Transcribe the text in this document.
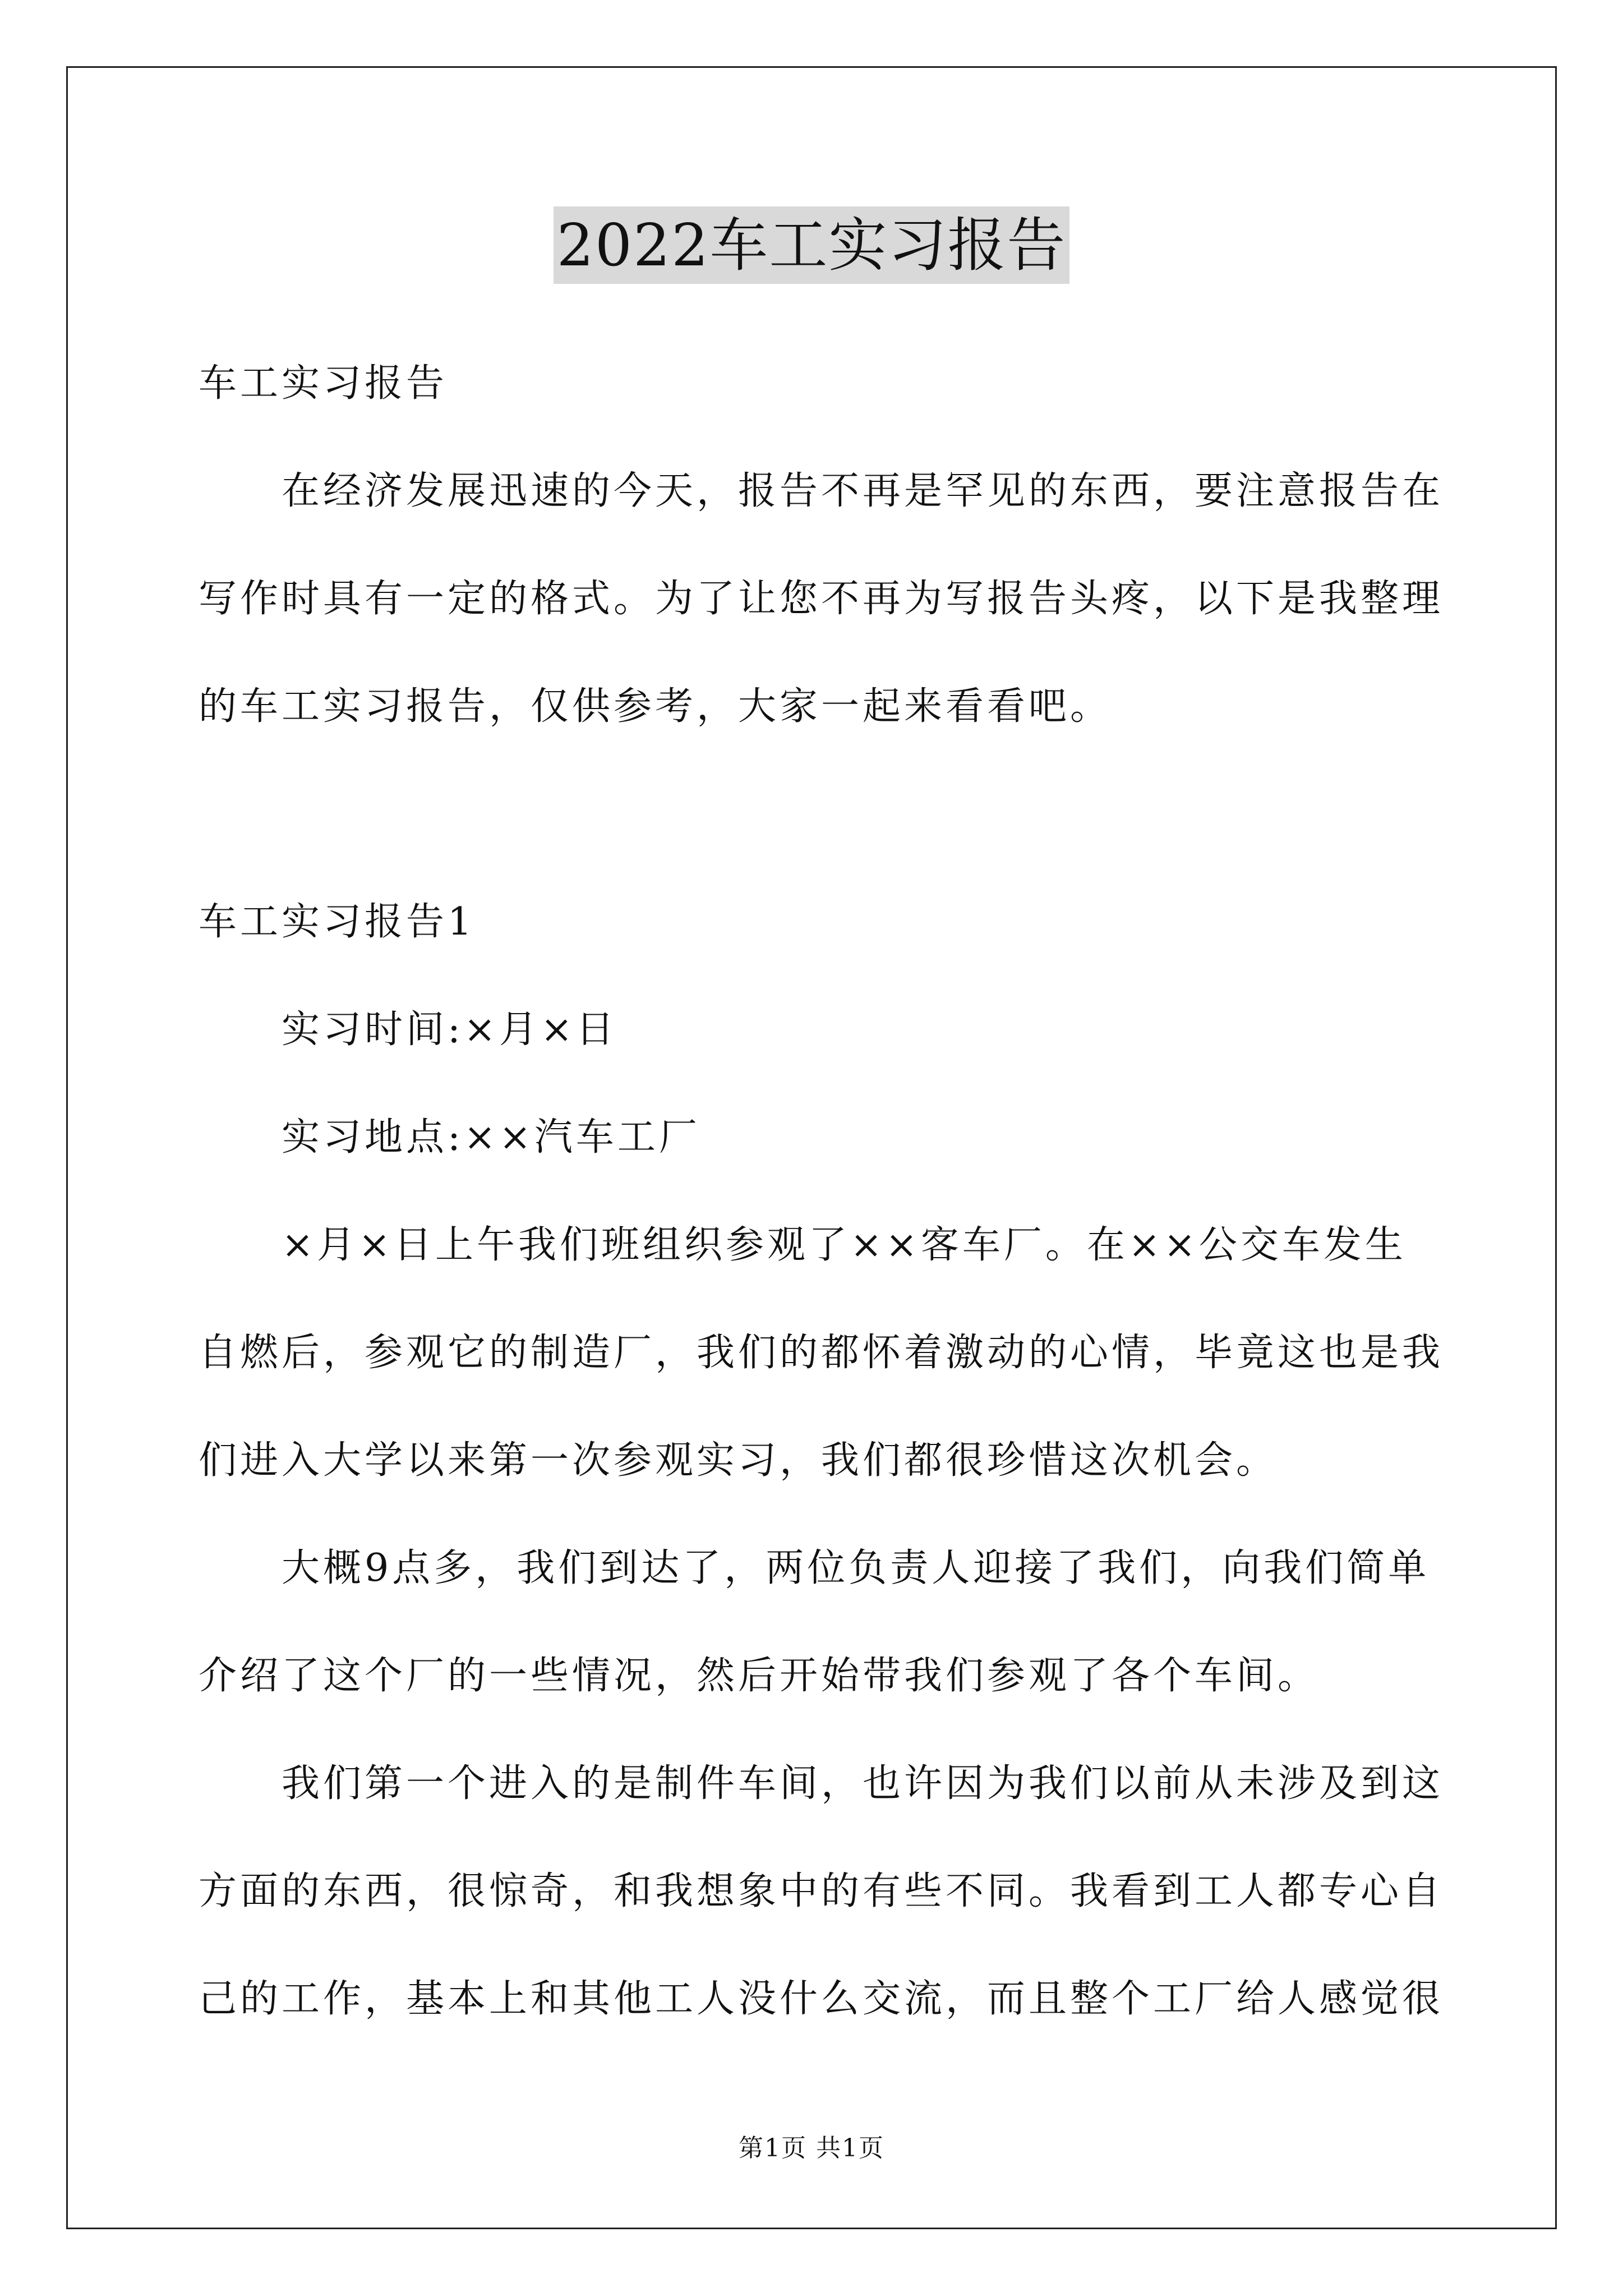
2022车工实习报告
车工实习报告
在经济发展迅速的今天，报告不再是罕见的东西，要注意报告在
写作时具有一定的格式。为了让您不再为写报告头疼，以下是我整理
的车工实习报告，仅供参考，大家一起来看看吧。
车工实习报告1
实习时间:×月×日
实习地点:××汽车工厂
×月×日上午我们班组织参观了××客车厂。在××公交车发生
自燃后，参观它的制造厂，我们的都怀着激动的心情，毕竟这也是我
们进入大学以来第一次参观实习，我们都很珍惜这次机会。
大概9点多，我们到达了，两位负责人迎接了我们，向我们简单
介绍了这个厂的一些情况，然后开始带我们参观了各个车间。
我们第一个进入的是制件车间，也许因为我们以前从未涉及到这
方面的东西，很惊奇，和我想象中的有些不同。我看到工人都专心自
己的工作，基本上和其他工人没什么交流，而且整个工厂给人感觉很
第1页 共1页
